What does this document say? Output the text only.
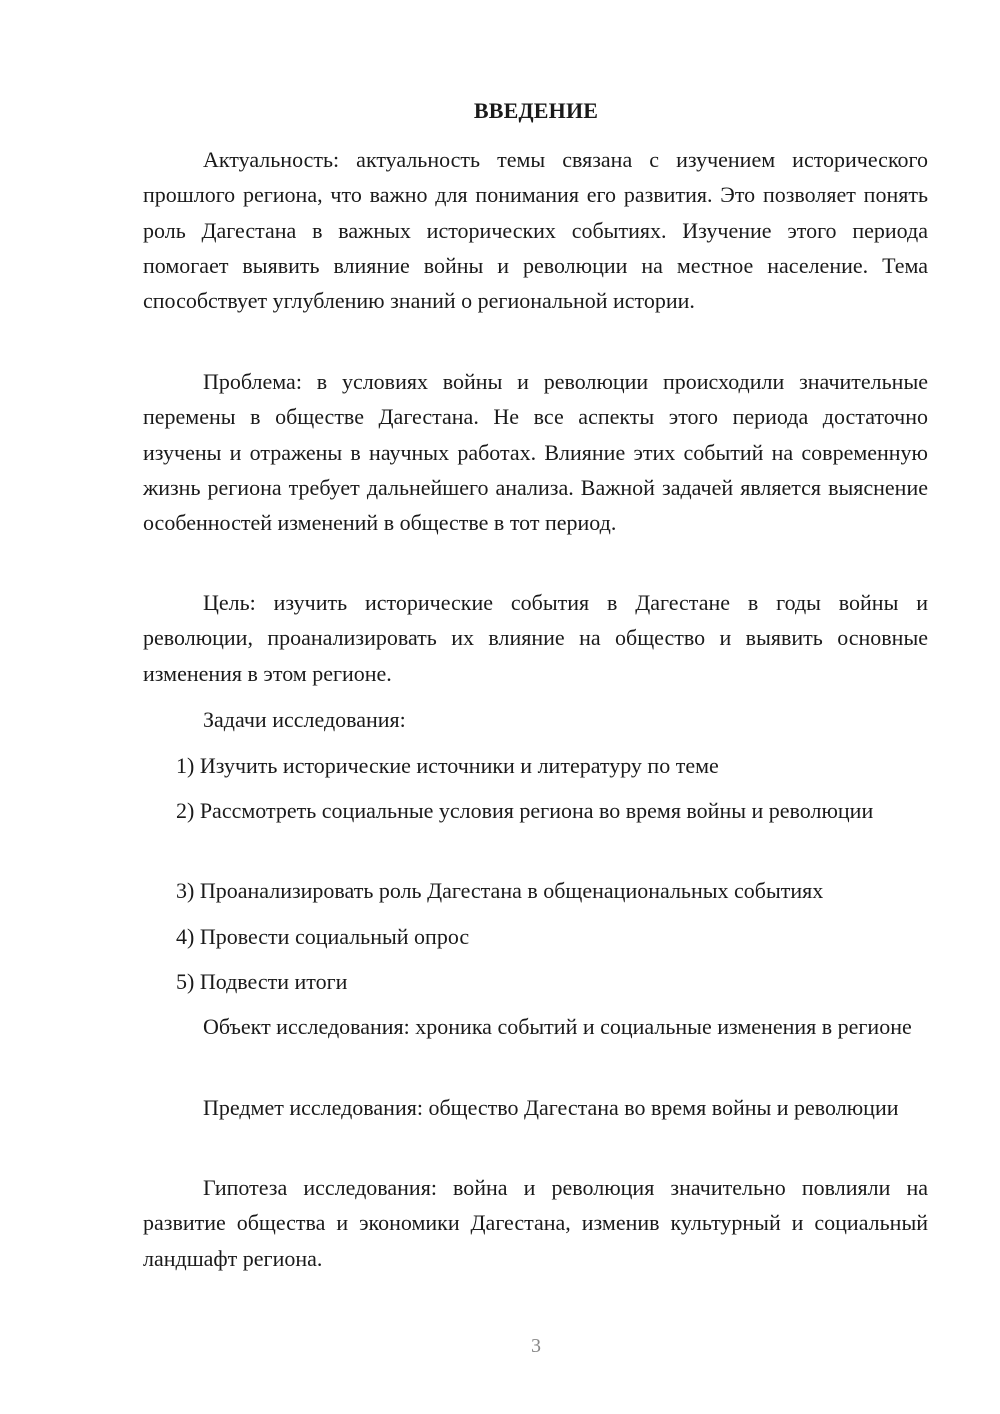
ВВЕДЕНИЕ

Актуальность: актуальность темы связана с изучением исторического прошлого региона, что важно для понимания его развития. Это позволяет понять роль Дагестана в важных исторических событиях. Изучение этого периода помогает выявить влияние войны и революции на местное население. Тема способствует углублению знаний о региональной истории.

Проблема: в условиях войны и революции происходили значительные перемены в обществе Дагестана. Не все аспекты этого периода достаточно изучены и отражены в научных работах. Влияние этих событий на современную жизнь региона требует дальнейшего анализа. Важной задачей является выяснение особенностей изменений в обществе в тот период.

Цель: изучить исторические события в Дагестане в годы войны и революции, проанализировать их влияние на общество и выявить основные изменения в этом регионе.

Задачи исследования:

1) Изучить исторические источники и литературу по теме

2) Рассмотреть социальные условия региона во время войны и революции

3) Проанализировать роль Дагестана в общенациональных событиях

4) Провести социальный опрос

5) Подвести итоги

Объект исследования: хроника событий и социальные изменения в регионе

Предмет исследования: общество Дагестана во время войны и революции

Гипотеза исследования: война и революция значительно повлияли на развитие общества и экономики Дагестана, изменив культурный и социальный ландшафт региона.

3
